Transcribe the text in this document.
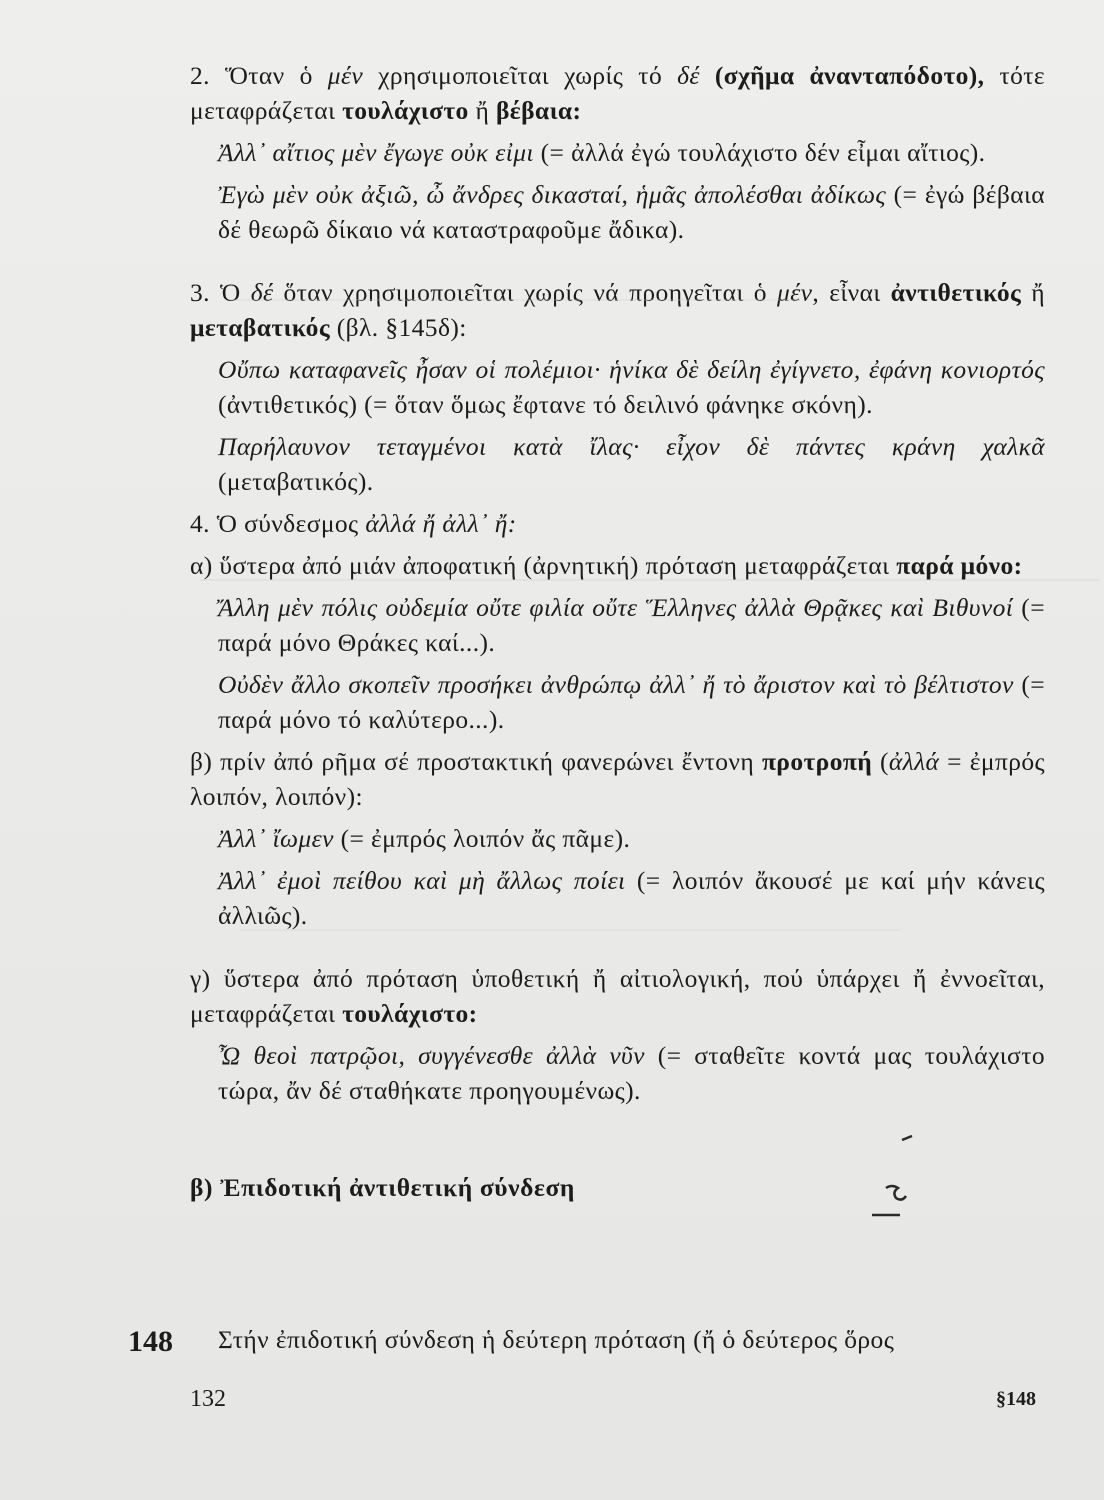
2. Ὅταν ὁ μέν χρησιμοποιεῖται χωρίς τό δέ (σχῆμα ἀνανταπόδοτο), τότε μεταφράζεται τουλάχιστο ἤ βέβαια:

Ἀλλ᾽ αἴτιος μὲν ἔγωγε οὐκ εἰμι (= ἀλλά ἐγώ τουλάχιστο δέν εἶμαι αἴτιος).

Ἐγὼ μὲν οὐκ ἀξιῶ, ὦ ἄνδρες δικασταί, ἡμᾶς ἀπολέσθαι ἀδίκως (= ἐγώ βέβαια δέ θεωρῶ δίκαιο νά καταστραφοῦμε ἄδικα).

3. Ὁ δέ ὅταν χρησιμοποιεῖται χωρίς νά προηγεῖται ὁ μέν, εἶναι ἀντιθετικός ἤ μεταβατικός (βλ. §145δ):

Οὔπω καταφανεῖς ἦσαν οἱ πολέμιοι· ἡνίκα δὲ δείλη ἐγίγνετο, ἐφάνη κονιορτός (ἀντιθετικός) (= ὅταν ὅμως ἔφτανε τό δειλινό φάνηκε σκόνη).

Παρήλαυνον τεταγμένοι κατὰ ἴλας· εἶχον δὲ πάντες κράνη χαλκᾶ (μεταβατικός).

4. Ὁ σύνδεσμος ἀλλά ἤ ἀλλ᾽ ἤ:

α) ὕστερα ἀπό μιάν ἀποφατική (ἀρνητική) πρόταση μεταφράζεται παρά μόνο:

Ἄλλη μὲν πόλις οὐδεμία οὔτε φιλία οὔτε Ἕλληνες ἀλλὰ Θρᾷκες καὶ Βιθυνοί (= παρά μόνο Θράκες καί...).

Οὐδὲν ἄλλο σκοπεῖν προσήκει ἀνθρώπῳ ἀλλ᾽ ἤ τὸ ἄριστον καὶ τὸ βέλτιστον (= παρά μόνο τό καλύτερο...).

β) πρίν ἀπό ρῆμα σέ προστακτική φανερώνει ἔντονη προτροπή (ἀλλά = ἐμπρός λοιπόν, λοιπόν):

Ἀλλ᾽ ἴωμεν (= ἐμπρός λοιπόν ἄς πᾶμε).

Ἀλλ᾽ ἐμοὶ πείθου καὶ μὴ ἄλλως ποίει (= λοιπόν ἄκουσέ με καί μήν κάνεις ἀλλιῶς).

γ) ὕστερα ἀπό πρόταση ὑποθετική ἤ αἰτιολογική, πού ὑπάρχει ἤ ἐννοεῖται, μεταφράζεται τουλάχιστο:

Ὦ θεοὶ πατρῷοι, συγγένεσθε ἀλλὰ νῦν (= σταθεῖτε κοντά μας τουλάχιστο τώρα, ἄν δέ σταθήκατε προηγουμένως).

β) Ἐπιδοτική ἀντιθετική σύνδεση

148 Στήν ἐπιδοτική σύνδεση ἡ δεύτερη πρόταση (ἤ ὁ δεύτερος ὅρος
132	§148
